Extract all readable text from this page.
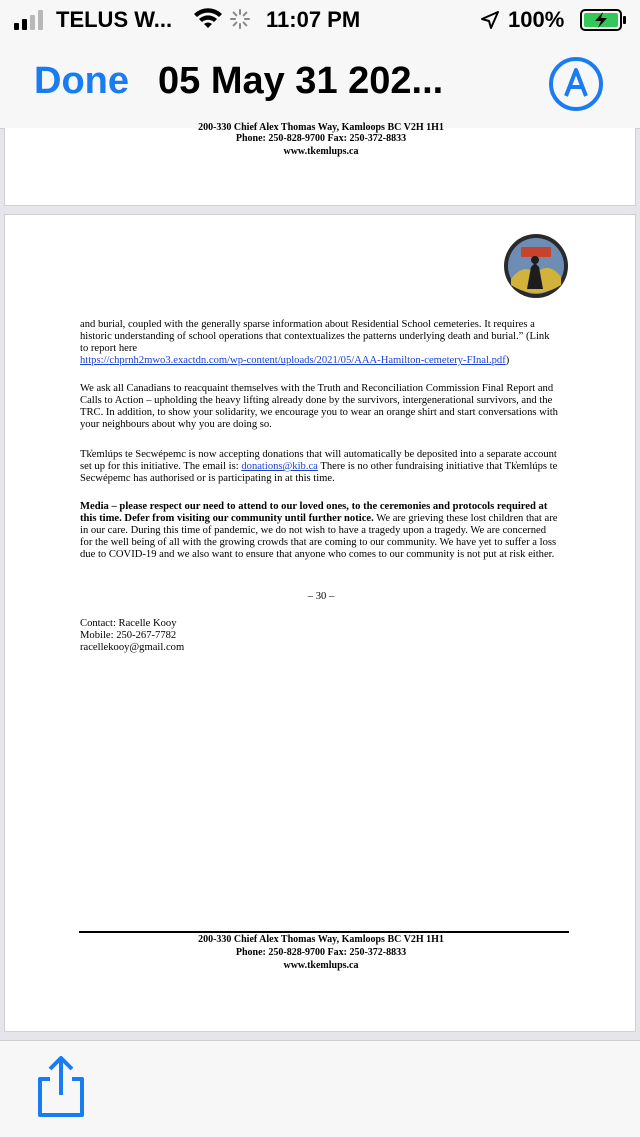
TELUS W...	11:07 PM	100%
Done 05 May 31 202...
200-330 Chief Alex Thomas Way, Kamloops BC V2H 1H1
Phone: 250-828-9700 Fax: 250-372-8833
www.tkemlups.ca

and burial, coupled with the generally sparse information about Residential School cemeteries. It requires a historic understanding of school operations that contextualizes the patterns underlying death and burial.” (Link to report here
https://chprnh2mwo3.exactdn.com/wp-content/uploads/2021/05/AAA-Hamilton-cemetery-FInal.pdf)

We ask all Canadians to reacquaint themselves with the Truth and Reconciliation Commission Final Report and Calls to Action – upholding the heavy lifting already done by the survivors, intergenerational survivors, and the TRC. In addition, to show your solidarity, we encourage you to wear an orange shirt and start conversations with your neighbours about why you are doing so.

Tk̓emlúps te Secwépemc is now accepting donations that will automatically be deposited into a separate account set up for this initiative. The email is: donations@kib.ca There is no other fundraising initiative that Tk̓emlúps te Secwépemc has authorised or is participating in at this time.

Media – please respect our need to attend to our loved ones, to the ceremonies and protocols required at this time. Defer from visiting our community until further notice. We are grieving these lost children that are in our care. During this time of pandemic, we do not wish to have a tragedy upon a tragedy. We are concerned for the well being of all with the growing crowds that are coming to our community. We have yet to suffer a loss due to COVID-19 and we also want to ensure that anyone who comes to our community is not put at risk either.

– 30 –

Contact: Racelle Kooy

Mobile: 250-267-7782

racellekooy@gmail.com

200-330 Chief Alex Thomas Way, Kamloops BC V2H 1H1
Phone: 250-828-9700 Fax: 250-372-8833
www.tkemlups.ca
